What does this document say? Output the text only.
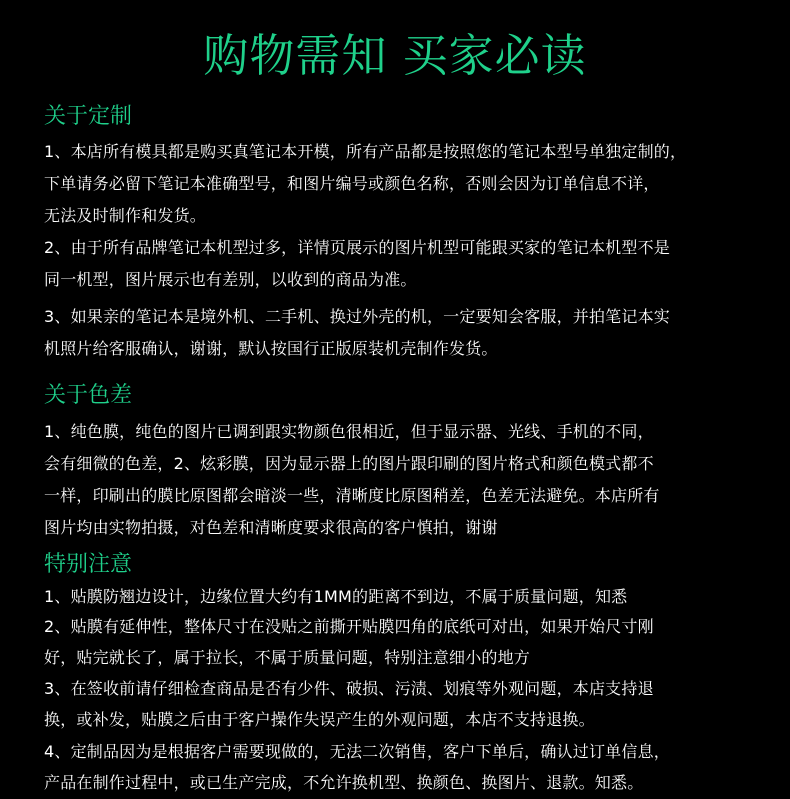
购物需知 买家必读
关于定制
1、本店所有模具都是购买真笔记本开模，所有产品都是按照您的笔记本型号单独定制的，
下单请务必留下笔记本准确型号，和图片编号或颜色名称，否则会因为订单信息不详，
无法及时制作和发货。
2、由于所有品牌笔记本机型过多，详情页展示的图片机型可能跟买家的笔记本机型不是
同一机型，图片展示也有差别，以收到的商品为准。
3、如果亲的笔记本是境外机、二手机、换过外壳的机，一定要知会客服，并拍笔记本实
机照片给客服确认，谢谢，默认按国行正版原装机壳制作发货。
关于色差
1、纯色膜，纯色的图片已调到跟实物颜色很相近，但于显示器、光线、手机的不同，
会有细微的色差，2、炫彩膜，因为显示器上的图片跟印刷的图片格式和颜色模式都不
一样，印刷出的膜比原图都会暗淡一些，清晰度比原图稍差，色差无法避免。本店所有
图片均由实物拍摄，对色差和清晰度要求很高的客户慎拍，谢谢
特别注意
1、贴膜防翘边设计，边缘位置大约有1MM的距离不到边，不属于质量问题，知悉
2、贴膜有延伸性，整体尺寸在没贴之前撕开贴膜四角的底纸可对出，如果开始尺寸刚
好，贴完就长了，属于拉长，不属于质量问题，特别注意细小的地方
3、在签收前请仔细检查商品是否有少件、破损、污渍、划痕等外观问题，本店支持退
换，或补发，贴膜之后由于客户操作失误产生的外观问题，本店不支持退换。
4、定制品因为是根据客户需要现做的，无法二次销售，客户下单后，确认过订单信息，
产品在制作过程中，或已生产完成，不允许换机型、换颜色、换图片、退款。知悉。
